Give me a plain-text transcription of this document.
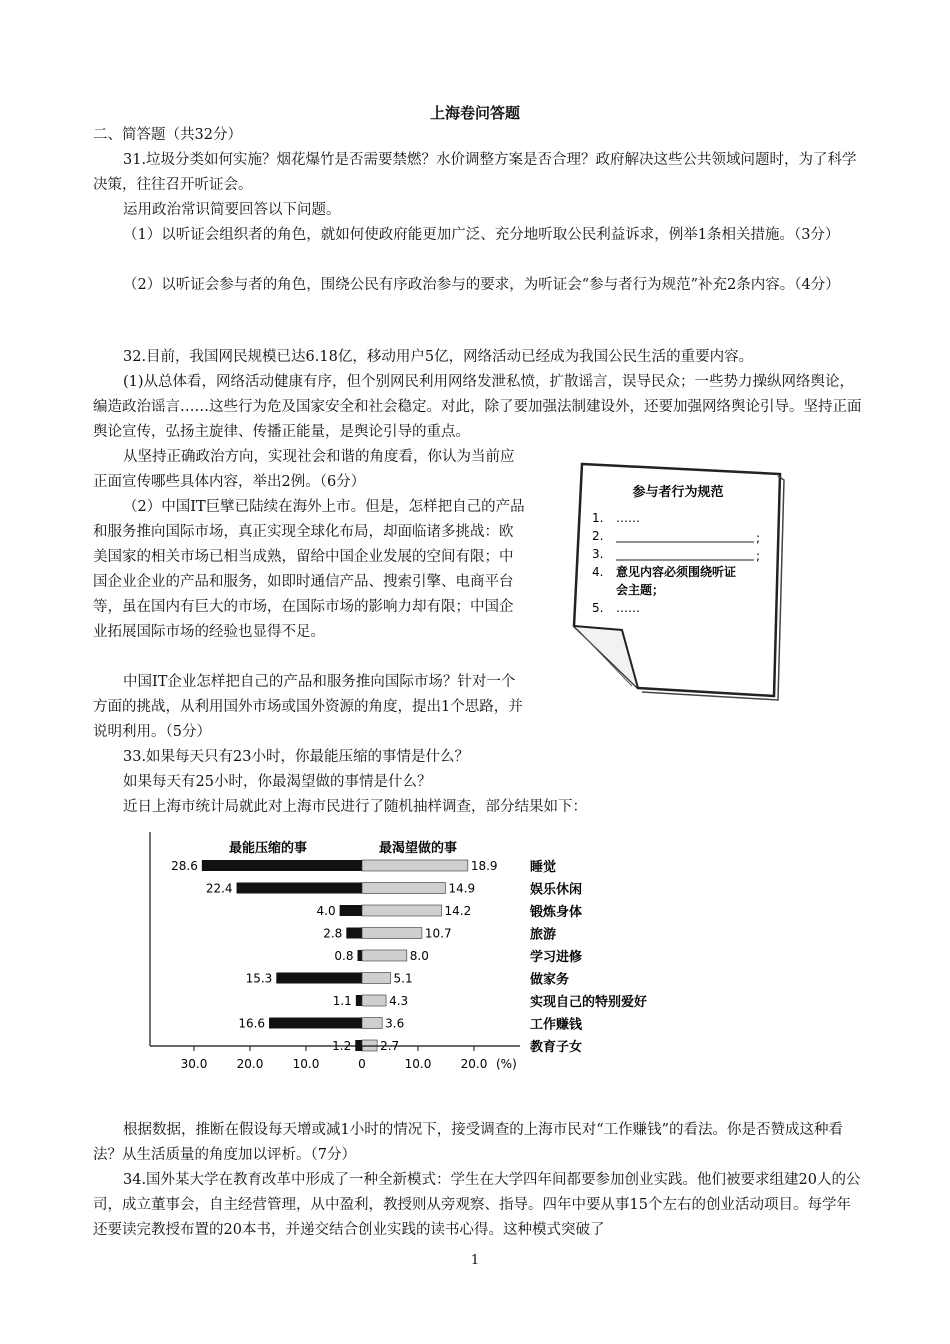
上海卷问答题

二、简答题（共32分）

31.垃圾分类如何实施？烟花爆竹是否需要禁燃？水价调整方案是否合理？政府解决这些公共领域问题时，为了科学决策，往往召开听证会。

运用政治常识简要回答以下问题。

（1）以听证会组织者的角色，就如何使政府能更加广泛、充分地听取公民利益诉求，例举1条相关措施。（3分）

（2）以听证会参与者的角色，围绕公民有序政治参与的要求，为听证会“参与者行为规范”补充2条内容。（4分）

32.目前，我国网民规模已达6.18亿，移动用户5亿，网络活动已经成为我国公民生活的重要内容。

(1)从总体看，网络活动健康有序，但个别网民利用网络发泄私愤，扩散谣言，误导民众；一些势力操纵网络舆论，编造政治谣言……这些行为危及国家安全和社会稳定。对此，除了要加强法制建设外，还要加强网络舆论引导。坚持正面舆论宣传，弘扬主旋律、传播正能量，是舆论引导的重点。

从坚持正确政治方向，实现社会和谐的角度看，你认为当前应正面宣传哪些具体内容，举出2例。（6分）

（2）中国IT巨擘已陆续在海外上市。但是，怎样把自己的产品和服务推向国际市场，真正实现全球化布局，却面临诸多挑战：欧美国家的相关市场已相当成熟，留给中国企业发展的空间有限；中国企业企业的产品和服务，如即时通信产品、搜索引擎、电商平台等，虽在国内有巨大的市场，在国际市场的影响力却有限；中国企业拓展国际市场的经验也显得不足。

中国IT企业怎样把自己的产品和服务推向国际市场？针对一个方面的挑战，从利用国外市场或国外资源的角度，提出1个思路，并说明利用。（5分）

参与者行为规范
1. ……
2.	;
3.	;
4. 意见内容必须围绕听证
会主题；
5. ……

33.如果每天只有23小时，你最能压缩的事情是什么？

如果每天有25小时，你最渴望做的事情是什么？

近日上海市统计局就此对上海市民进行了随机抽样调查，部分结果如下：

最能压缩的事	最渴望做的事
28.6	18.9 睡觉
22.4	14.9	娱乐休闲
4.0	14.2	锻炼身体
2.8	10.7	旅游
0.8	8.0	学习进修
15.3	5.1	做家务
1.1	4.3	实现自己的特别爱好
16.6	3.6	工作赚钱
1.2 2.7	教育子女
30.0 20.0 10.0	0	10.0 20.0 (%)

根据数据，推断在假设每天增或减1小时的情况下，接受调查的上海市民对“工作赚钱”的看法。你是否赞成这种看法？从生活质量的角度加以评析。（7分）

34.国外某大学在教育改革中形成了一种全新模式：学生在大学四年间都要参加创业实践。他们被要求组建20人的公司，成立董事会，自主经营管理，从中盈利，教授则从旁观察、指导。四年中要从事15个左右的创业活动项目。每学年还要读完教授布置的20本书，并递交结合创业实践的读书心得。这种模式突破了

1
